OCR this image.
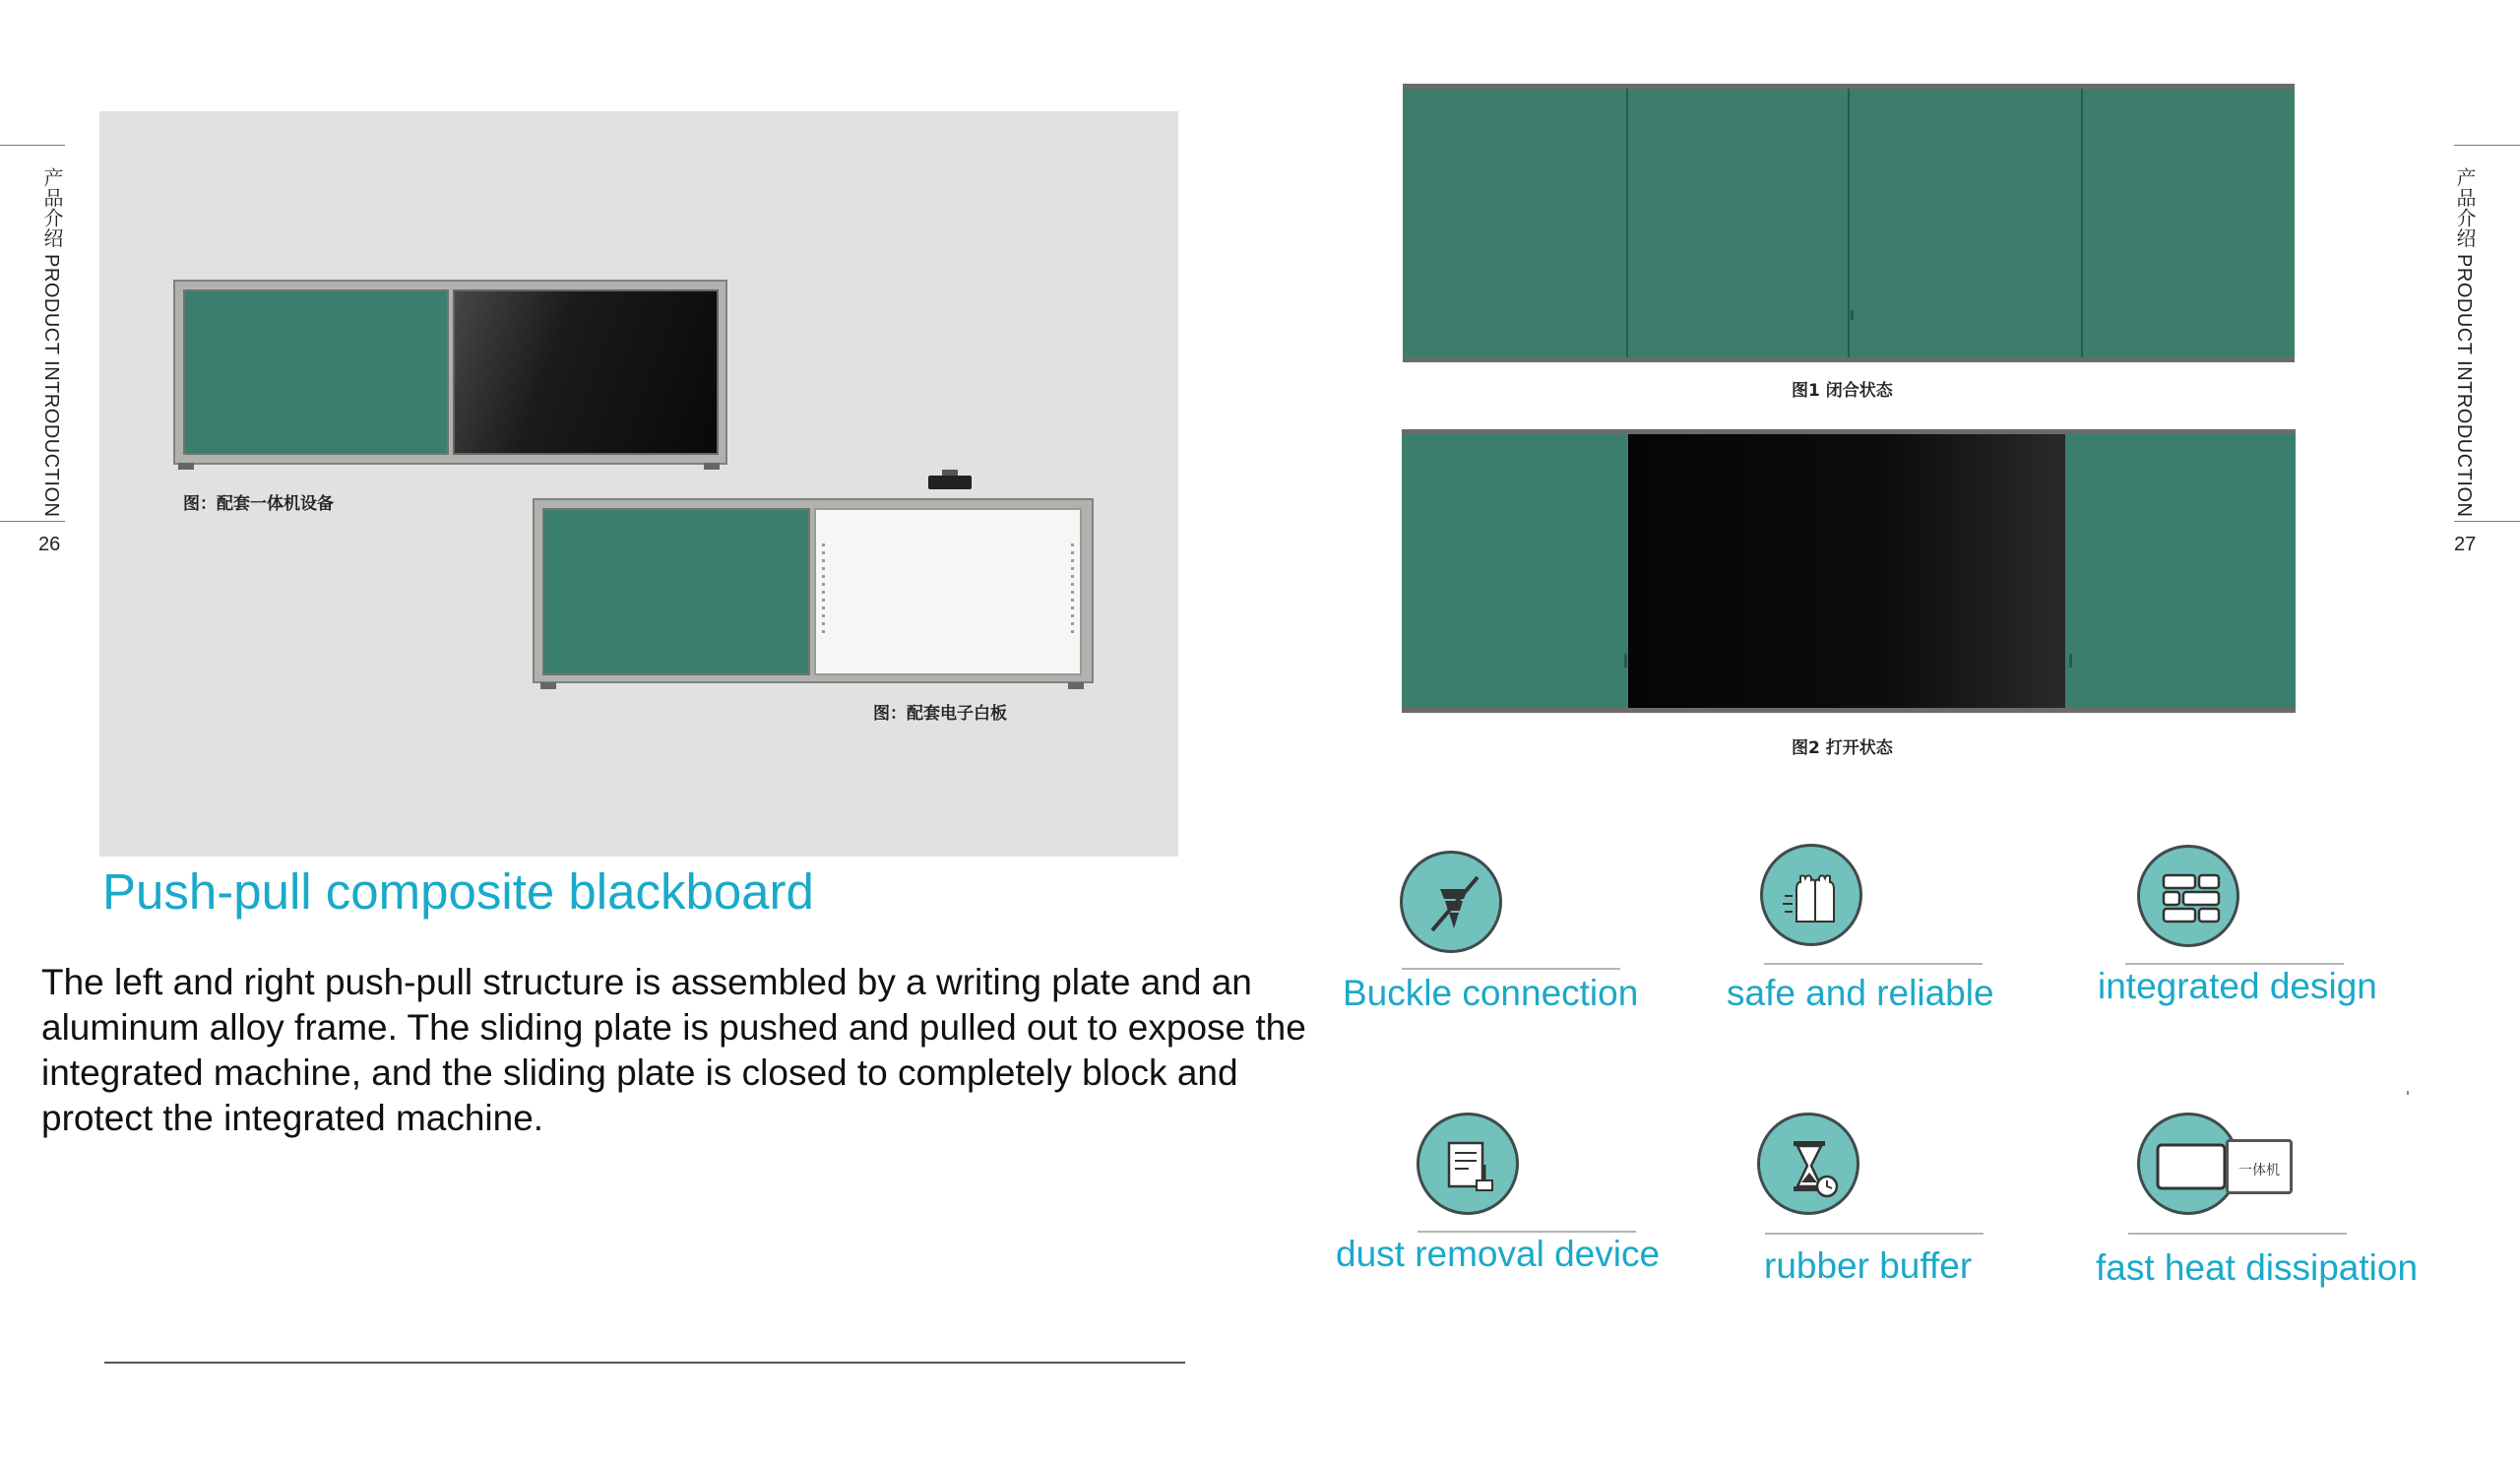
产品介绍 PRODUCT INTRODUCTION
26
图：配套一体机设备
图：配套电子白板
Push-pull composite blackboard
The left and right push-pull structure is assembled by a writing plate and an aluminum alloy frame. The sliding plate is pushed and pulled out to expose the integrated machine, and the sliding plate is closed to completely block and protect the integrated machine.
图1 闭合状态
图2 打开状态
Buckle connection safe and reliable	integrated design
dust removal device	rubber buffer
一体机
fast heat dissipation
产品介绍 PRODUCT INTRODUCTION
27
